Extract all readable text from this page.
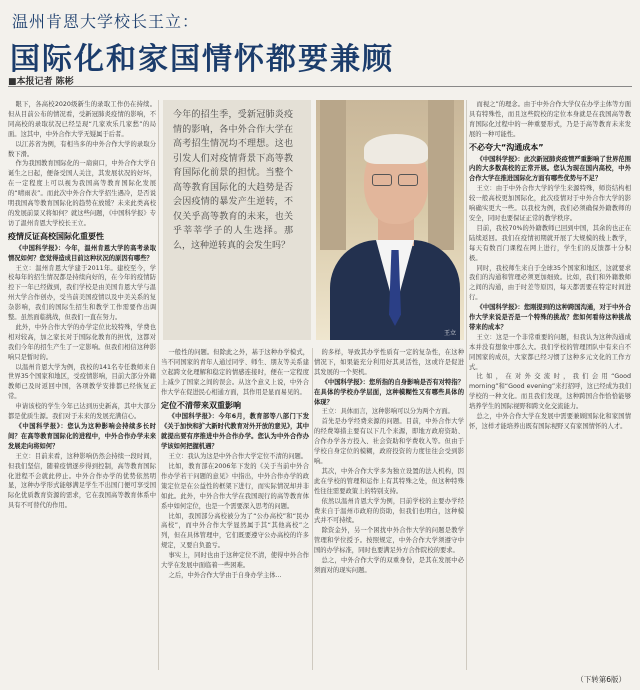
温州肯恩大学校长王立：
国际化和家国情怀都要兼顾
■本报记者 陈彬

眼下，各高校2020级新生的录取工作仍在持续。但从目前公布的情况看，受新冠肺炎疫情的影响，不同高校的录取状况已经呈现“几家欢乐几家愁”的局面。这其中，中外合作大学无疑属于后者。

以江苏省为例，有相当多的中外合作大学的录取分数下滑。

作为我国教育国际化的一扇窗口，中外合作大学自诞生之日起，便备受国人关注，其发展状况的好坏，在一定程度上可以视为我国高等教育国际化发展的“晴雨表”。而此次中外合作大学招生遇冷，是否说明我国高等教育国际化的趋势在放缓？未来此类高校的发展前景又将如何？就这些问题，《中国科学报》专访了温州肯恩大学校长王立。

疫情反证高校国际化重要性

《中国科学报》：今年，温州肯恩大学的高考录取情况如何？您觉得造成目前这种状况的原因有哪些？

王立：温州肯恩大学建于2011年。建校至今，学校每年的招生情况都是持续向好的，在今年的疫情防控下一年已经做到，我们学校是由美国肯恩大学与温州大学合作创办，受当前美国疫情以及中美关系的复杂影响，我们的国际生招生和教学工作需要作出调整。虽然面临挑战，但我们一直在努力。

此外，中外合作大学的办学定位比较特殊，学费也相对较高，加之家长对于国际化教育的担忧，这都对我们今年的招生产生了一定影响。但我们相信这种影响只是暂时的。

以温州肯恩大学为例，我校的141名专任教师来自世界35个国家和地区，受疫情影响，目前大部分外籍教师已及时返回中国，各项教学安排都已经恢复正常。

申请该校的学生今年已达到历史新高，其中大部分都是优质生源。我们对于未来的发展充满信心。

《中国科学报》：您认为这种影响会持续多长时间？在高等教育国际化的进程中，中外合作办学未来发展走向将如何？

王立：目前来看，这种影响仍然会持续一段时间，但我们坚信，随着疫情逐步得到控制，高等教育国际化进程不会就此停止。中外合作办学的优势依然明显，这种办学形式能够满足学生不出国门便可享受国际化优质教育资源的需求，它在我国高等教育体系中具有不可替代的作用。

今年的招生季，受新冠肺炎疫情的影响，各中外合作大学在高考招生情况均不理想。这也引发人们对疫情背景下高等教育国际化前景的担忧。当整个高等教育国际化的大趋势是否会因疫情的暴发产生逆转，不仅关乎高等教育的未来，也关乎莘莘学子的人生选择。那么，这种逆转真的会发生吗？
王立

一般性的问题。但除此之外，基于这种办学模式，当不同国家的青年人通过同学、师生、朋友等关系建立起跨文化理解和稳定的情感连接时，便在一定程度上减少了国家之间的误会。从这个意义上说，中外合作大学在促进民心相通方面，其作用是显而易见的。

定位不清带来双重影响

《中国科学报》：今年6月，教育部等八部门下发《关于加快和扩大新时代教育对外开放的意见》，其中就提出要有序推进中外合作办学。您认为中外合作办学该如何把握机遇？

王立：我认为这是中外合作大学定位不清的问题。

比如，教育部在2006年下发的《关于当前中外合作办学若干问题的意见》中指出，中外合作办学的政策定位是在公益性的框架下进行，而实际情况却并非如此。此外，中外合作大学在我国现行的高等教育体系中如何定位，也是一个需要深入思考的问题。

比如，我国部分高校被分为了“公办高校”和“民办高校”，而中外合作大学显然属于其“其他高校”之列，但在具体管理中，它们既要遵守公办高校的许多规定，又要自负盈亏。

事实上，同时也由于这种定位不清，使得中外合作大学在发展中面临着一些困难。

之后，中外合作大学由于自身办学主体...

的多样，导致其办学性质有一定的复杂性，在这种情况下，如果能充分利用好其灵活性，这或许是促进其发展的一个契机。

《中国科学报》：您所指的自身影响是否有对特指？在具体的学校办学层面，这种模糊性又有哪些具体的体现？

王立：具体而言，这种影响可以分为两个方面。

首先是办学经费来源的问题。目前，中外合作大学的经费筹措主要有以下几个来源，即地方政府资助、合作办学各方投入、社会资助和学费收入等。但由于学校自身定位的模糊，政府投资的力度往往会受到影响。

其次，中外合作大学多为独立设置的法人机构，因此在学校的管理和运作上有其特殊之处，但这种特殊性往往需要政策上的特别支持。

依然以温州肯恩大学为例，目前学校的主要办学经费来自于温州市政府的资助，但我们也明白，这种模式并不可持续。

除资金外，另一个困扰中外合作大学的问题是教学管理和学位授予。按照规定，中外合作大学须遵守中国的办学标准，同时也要满足外方合作院校的要求。

总之，中外合作大学的双重身份，是其在发展中必须面对的现实问题。

而视之”的理念。由于中外合作大学仅在办学主体等方面具有特殊性，而且这些院校的定位本身就是在我国高等教育国际化过程中的一种重要形式，乃是于高等教育未来发展的一种可能性。

不必夸大“沟通成本”

《中国科学报》：此次新冠肺炎疫情严重影响了世界范围内的大多数高校的正常开展。您认为现在国内高校，中外合作大学在推进国际化方面有哪些优势与不足？

王立：由于中外合作大学的学生来源特殊，师资结构相较一般高校更加国际化，此次疫情对于中外合作大学的影响确实更大一些。以我校为例，我们必须确保外籍教师的安全，同时也要保证正常的教学秩序。

目前，我校70%的外籍教师已回到中国，其余的也正在陆续返回。我们在疫情初期就开展了大规模的线上教学，每天有数百门课程在网上进行，学生们的反馈都十分积极。

同时，我校师生来自于全球35个国家和地区，这就要求我们的沟通和管理必须更加细致。比如，我们和外籍教师之间的沟通，由于时差等原因，每天都需要在特定时间进行。

《中国科学报》：您刚提到的这种跨国沟通，对于中外合作大学来说是否是一个特殊的挑战？您如何看待这种挑战带来的成本？

王立：这是一个非常重要的问题，但我认为这种沟通成本并没有想象中那么大。我们学校的管理团队中有来自不同国家的成员，大家都已经习惯了这种多元文化的工作方式。

比如，在对外交流时，我们会用“Good morning”和“Good evening”来打招呼，这已经成为我们学校的一种文化。而且我们发现，这种跨国合作恰恰能够培养学生的国际视野和跨文化交流能力。

总之，中外合作大学在发展中需要兼顾国际化和家国情怀，这样才能培养出既有国际视野又有家国情怀的人才。

（下转第6版）
